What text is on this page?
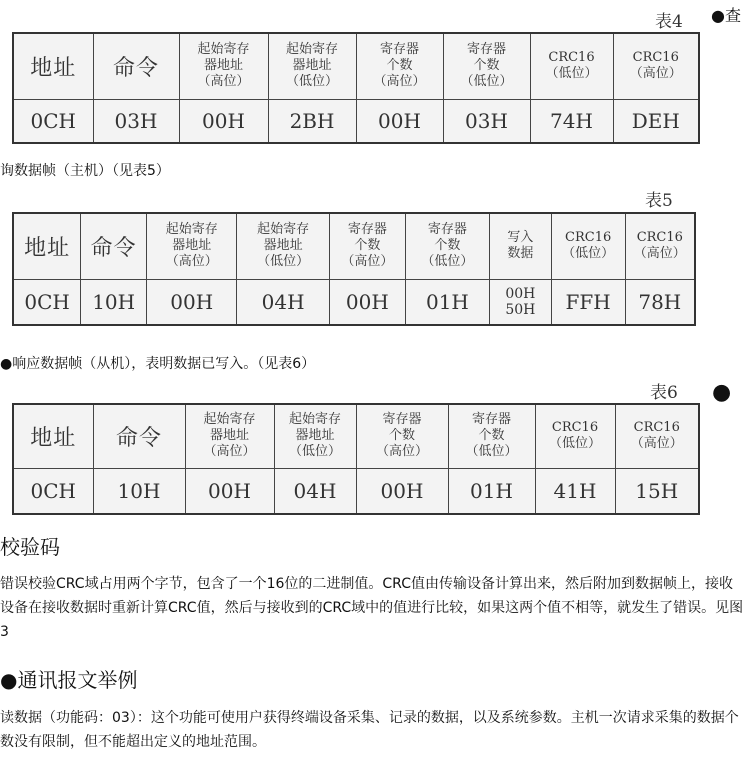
●查
表4
地址	命令	起始寄存
器地址
（高位）	起始寄存
器地址
（低位）	寄存器
个数
（高位）	寄存器
个数
（低位）	CRC16
（低位）	CRC16
（高位）
0CH	03H	00H	2BH	00H	03H	74H	DEH
询数据帧（主机）（见表5）
表5
地址	命令	起始寄存
器地址
（高位）	起始寄存
器地址
（低位）	寄存器
个数
（高位）	寄存器
个数
（低位）	写入
数据	CRC16
（低位）	CRC16
（高位）
0CH	10H	00H	04H	00H	01H	00H
50H	FFH	78H
●响应数据帧（从机），表明数据已写入。（见表6）
表6 ●
地址	命令	起始寄存
器地址
（高位）	起始寄存
器地址
（低位）	寄存器
个数
（高位）	寄存器
个数
（低位）	CRC16
（低位）	CRC16
（高位）
0CH	10H	00H	04H	00H	01H	41H	15H
校验码
错误校验CRC域占用两个字节，包含了一个16位的二进制值。CRC值由传输设备计算出来，然后附加到数据帧上，接收设备在接收数据时重新计算CRC值，然后与接收到的CRC域中的值进行比较，如果这两个值不相等，就发生了错误。见图3
●通讯报文举例
读数据（功能码：03）：这个功能可使用户获得终端设备采集、记录的数据，以及系统参数。主机一次请求采集的数据个数没有限制，但不能超出定义的地址范围。
